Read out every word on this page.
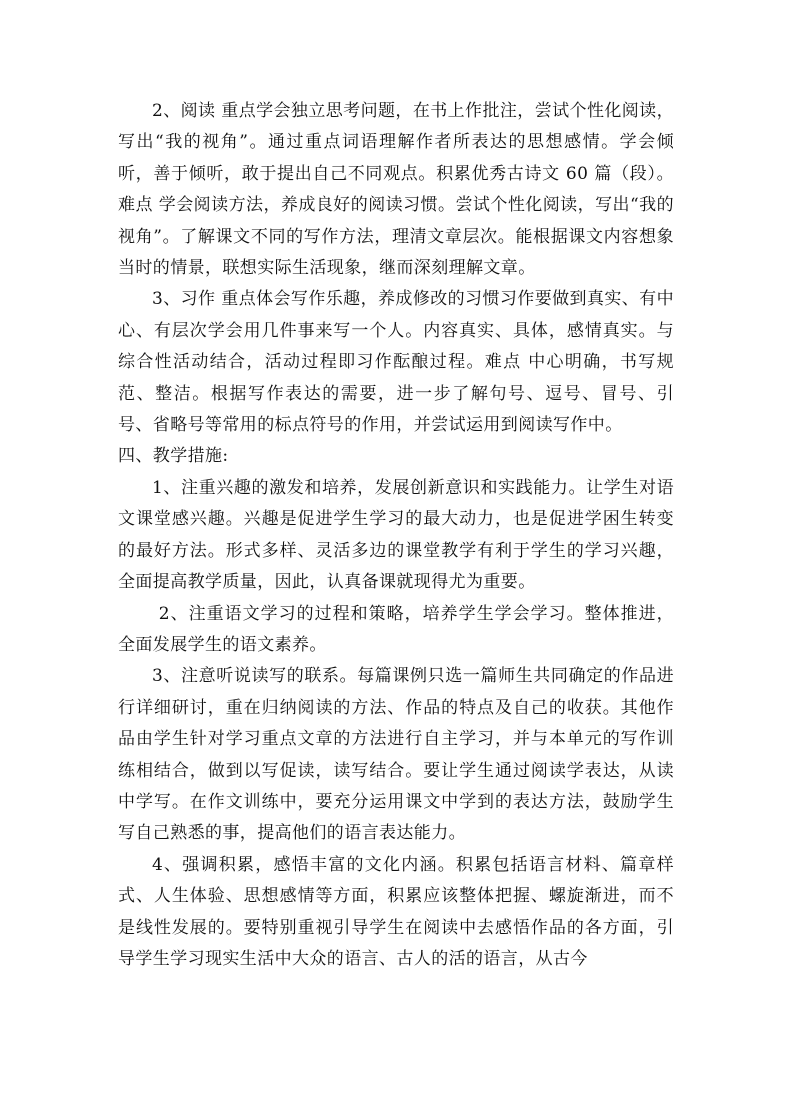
2、阅读 重点学会独立思考问题，在书上作批注，尝试个性化阅读，写出“我的视角”。通过重点词语理解作者所表达的思想感情。学会倾听，善于倾听，敢于提出自己不同观点。积累优秀古诗文 60 篇（段）。难点 学会阅读方法，养成良好的阅读习惯。尝试个性化阅读，写出“我的视角”。了解课文不同的写作方法，理清文章层次。能根据课文内容想象当时的情景，联想实际生活现象，继而深刻理解文章。

3、习作 重点体会写作乐趣，养成修改的习惯习作要做到真实、有中心、有层次学会用几件事来写一个人。内容真实、具体，感情真实。与综合性活动结合，活动过程即习作酝酿过程。难点 中心明确，书写规范、整洁。根据写作表达的需要，进一步了解句号、逗号、冒号、引号、省略号等常用的标点符号的作用，并尝试运用到阅读写作中。

四、教学措施:

1、注重兴趣的激发和培养，发展创新意识和实践能力。让学生对语文课堂感兴趣。兴趣是促进学生学习的最大动力，也是促进学困生转变的最好方法。形式多样、灵活多边的课堂教学有利于学生的学习兴趣，全面提高教学质量，因此，认真备课就现得尤为重要。

2、注重语文学习的过程和策略，培养学生学会学习。整体推进，全面发展学生的语文素养。

3、注意听说读写的联系。每篇课例只选一篇师生共同确定的作品进行详细研讨，重在归纳阅读的方法、作品的特点及自己的收获。其他作品由学生针对学习重点文章的方法进行自主学习，并与本单元的写作训练相结合，做到以写促读，读写结合。要让学生通过阅读学表达，从读中学写。在作文训练中，要充分运用课文中学到的表达方法，鼓励学生写自己熟悉的事，提高他们的语言表达能力。

4、强调积累，感悟丰富的文化内涵。积累包括语言材料、篇章样式、人生体验、思想感情等方面，积累应该整体把握、螺旋渐进，而不是线性发展的。要特别重视引导学生在阅读中去感悟作品的各方面，引导学生学习现实生活中大众的语言、古人的活的语言，从古今
